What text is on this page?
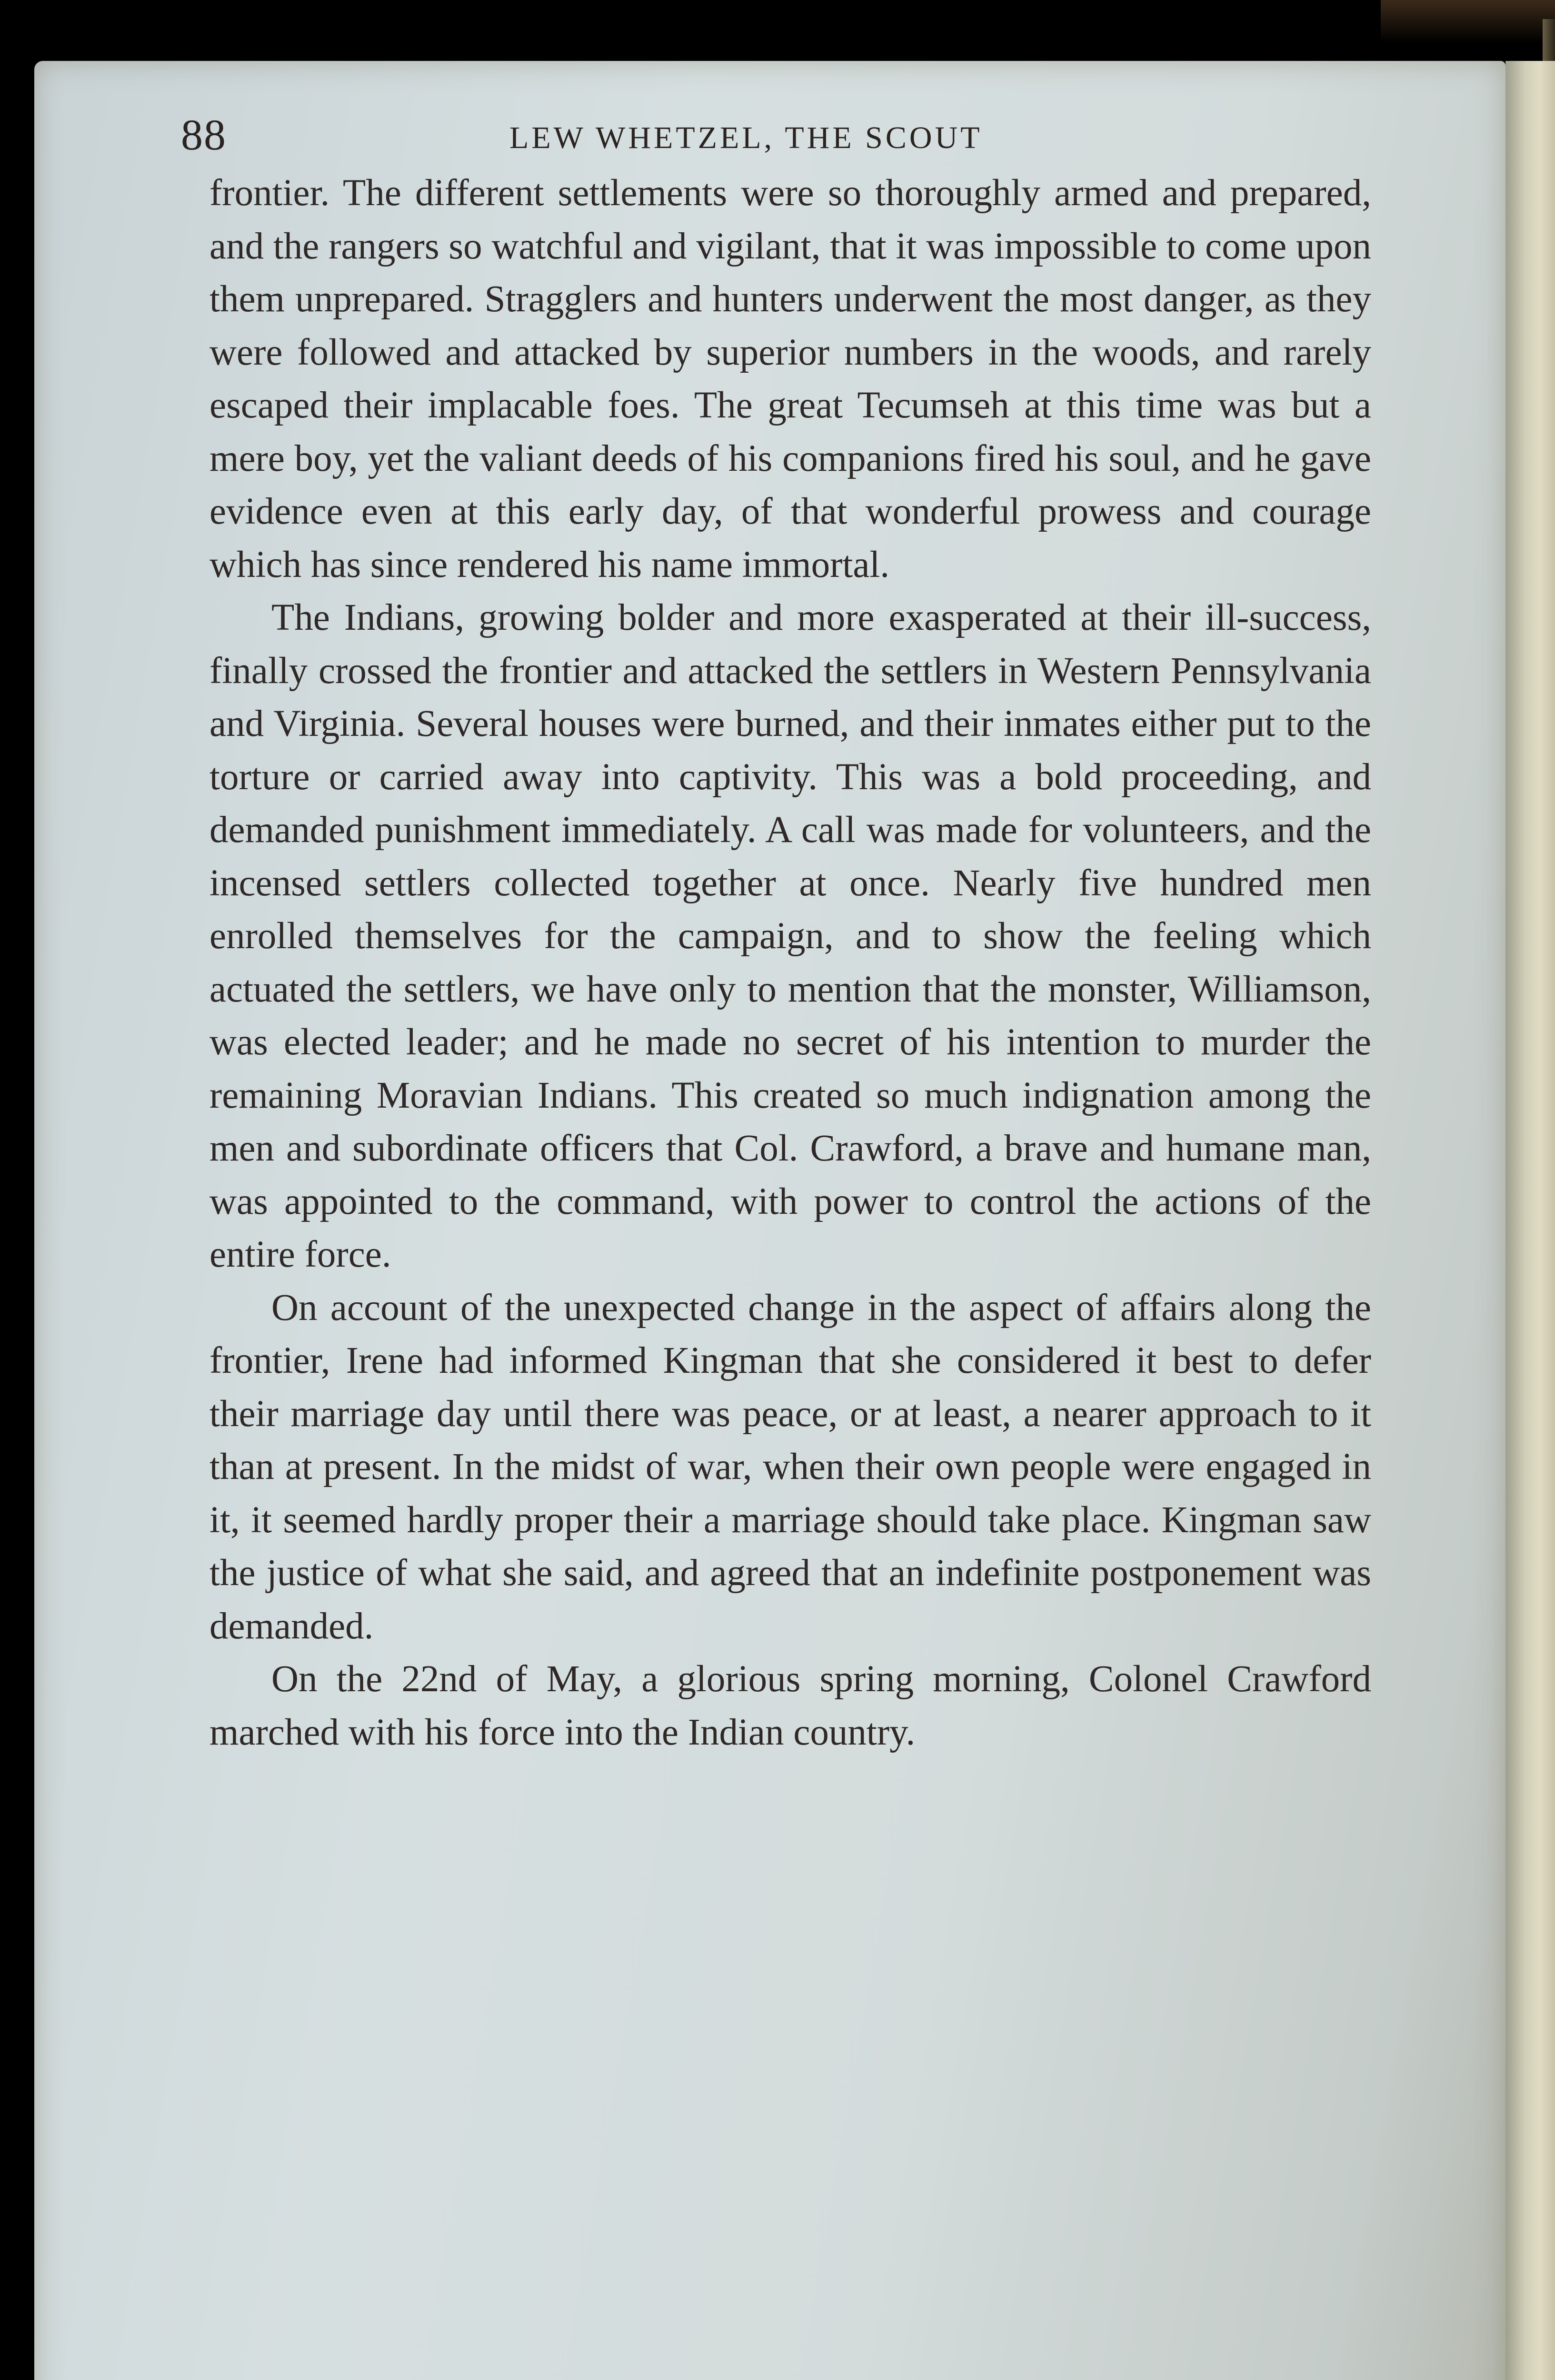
88	LEW WHETZEL, THE SCOUT

frontier. The different settlements were so thoroughly armed and prepared, and the rangers so watchful and vigilant, that it was impossible to come upon them unprepared. Stragglers and hunters underwent the most danger, as they were followed and attacked by superior numbers in the woods, and rarely escaped their implacable foes. The great Tecumseh at this time was but a mere boy, yet the valiant deeds of his companions fired his soul, and he gave evidence even at this early day, of that wonderful prowess and courage which has since rendered his name immortal.

The Indians, growing bolder and more exasperated at their ill-success, finally crossed the frontier and attacked the settlers in Western Pennsylvania and Virginia. Several houses were burned, and their inmates either put to the torture or carried away into captivity. This was a bold proceeding, and demanded punishment immediately. A call was made for volunteers, and the incensed settlers collected together at once. Nearly five hundred men enrolled themselves for the campaign, and to show the feeling which actuated the settlers, we have only to mention that the monster, Williamson, was elected leader; and he made no secret of his intention to murder the remaining Moravian Indians. This created so much indignation among the men and subordinate officers that Col. Crawford, a brave and humane man, was appointed to the command, with power to control the actions of the entire force.

On account of the unexpected change in the aspect of affairs along the frontier, Irene had informed Kingman that she considered it best to defer their marriage day until there was peace, or at least, a nearer approach to it than at present. In the midst of war, when their own people were engaged in it, it seemed hardly proper their a marriage should take place. Kingman saw the justice of what she said, and agreed that an indefinite postponement was demanded.

On the 22nd of May, a glorious spring morning, Colonel Crawford marched with his force into the Indian country.
